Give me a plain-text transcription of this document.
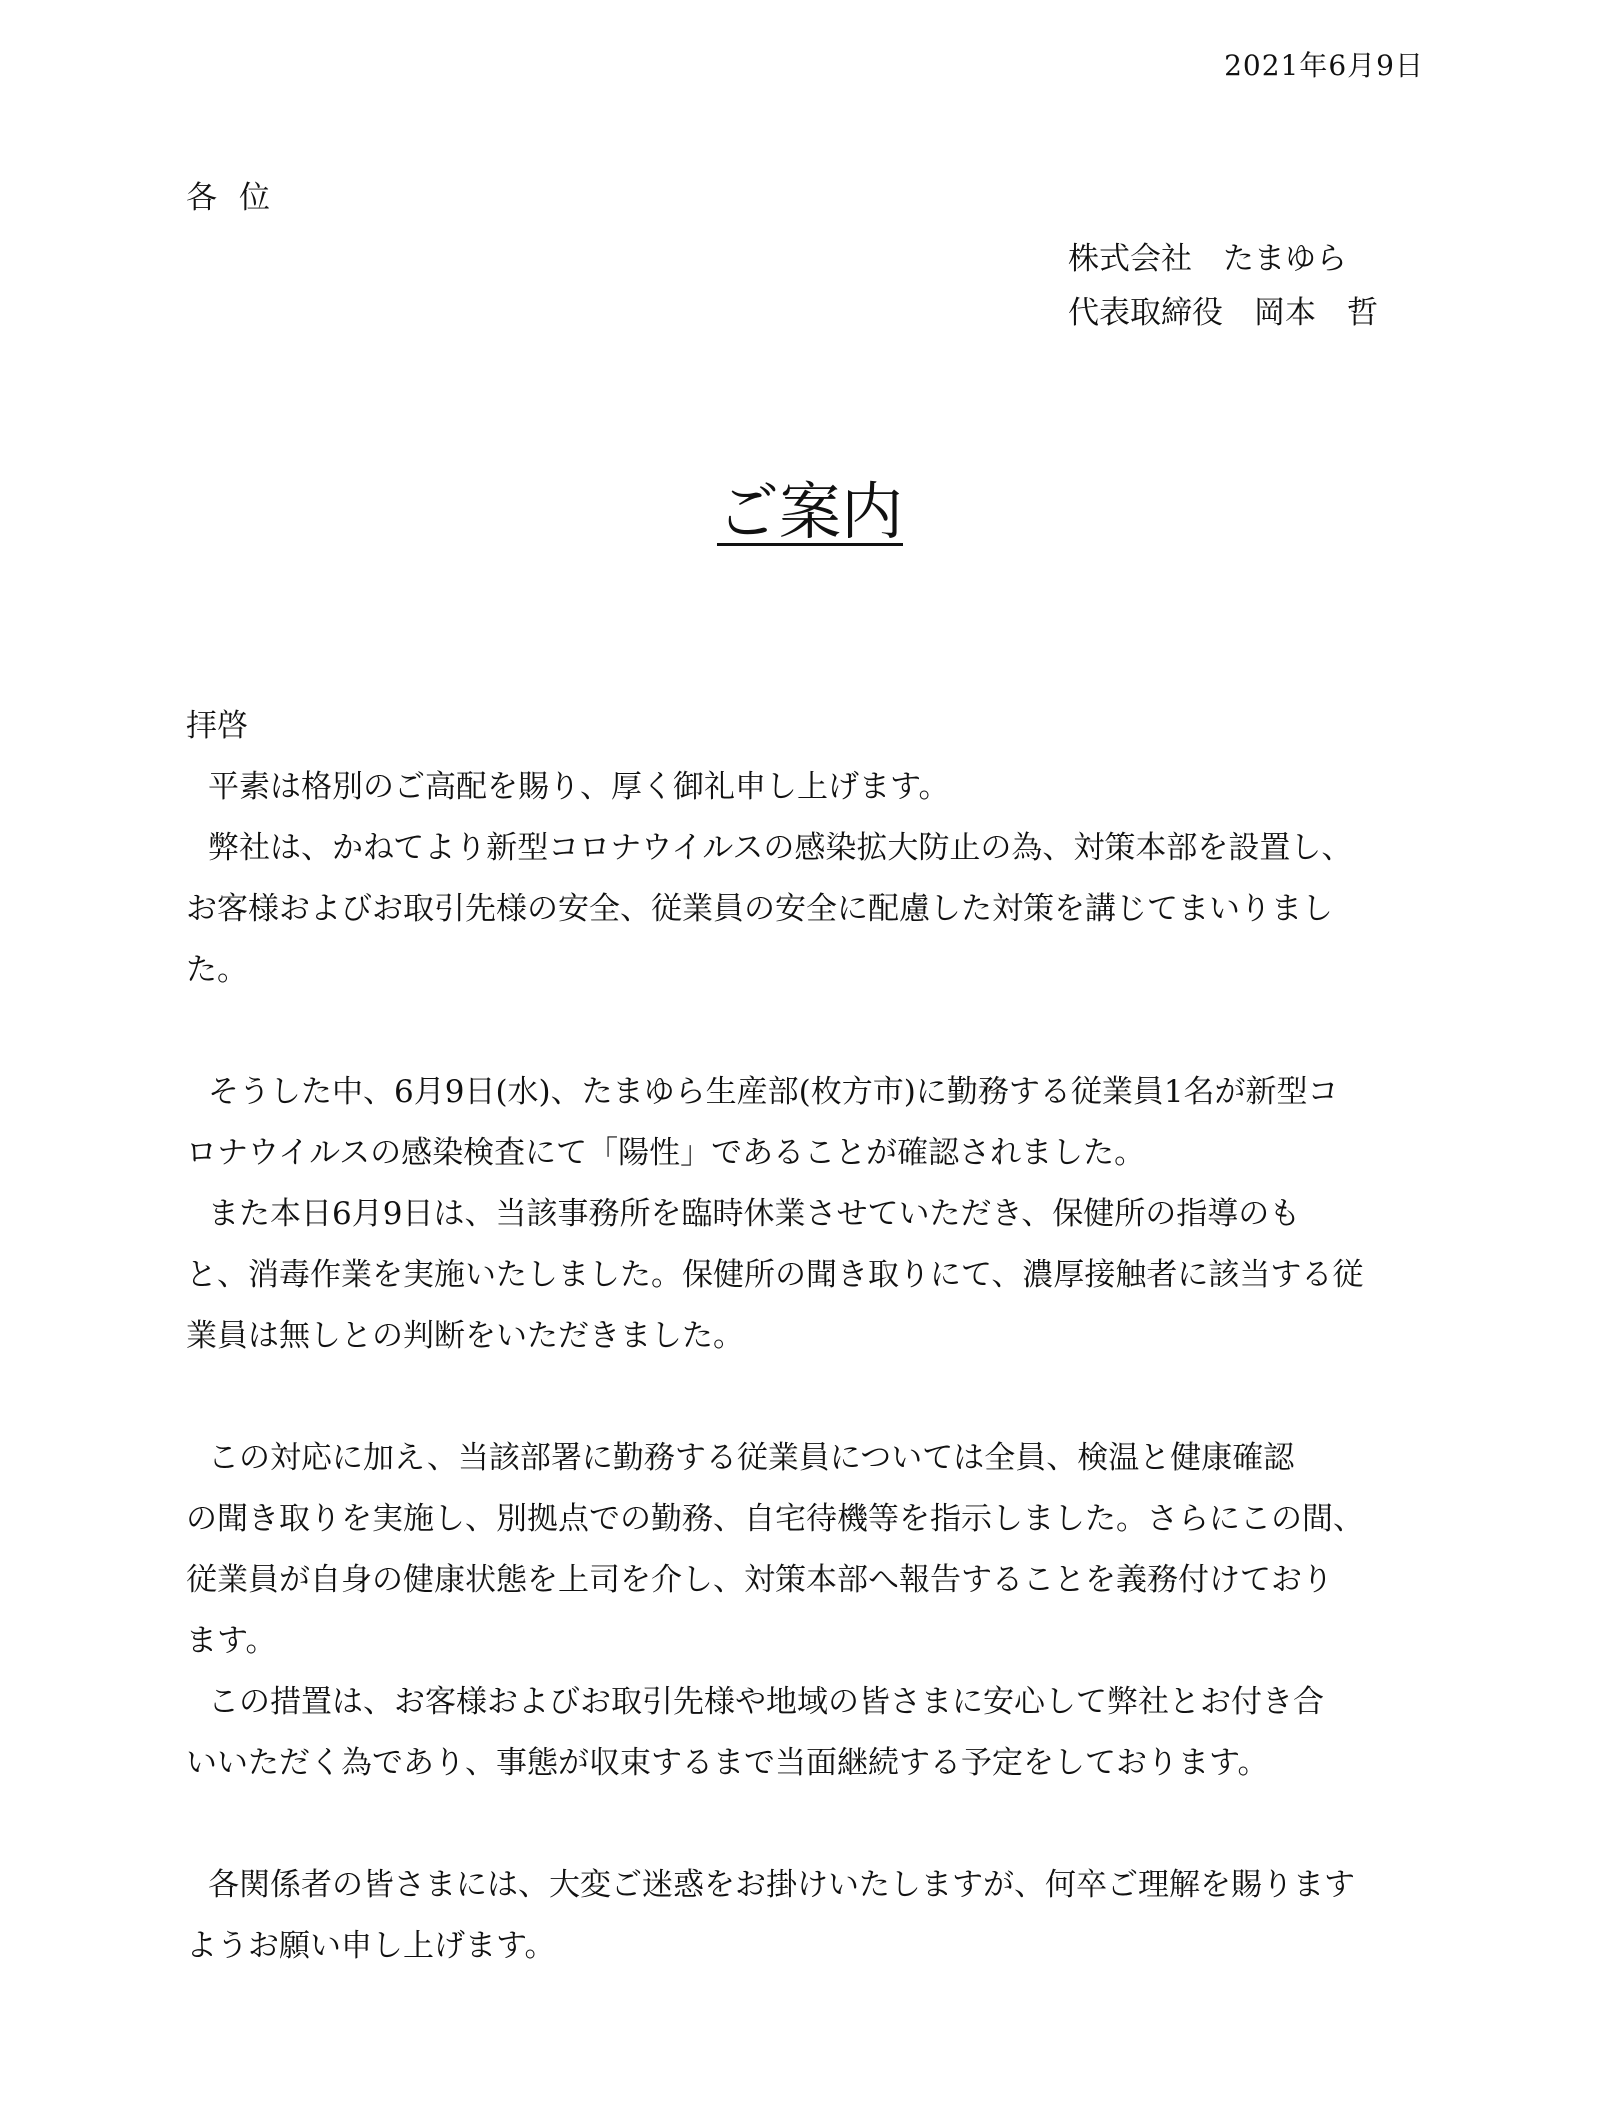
2021年6月9日
各位
株式会社　たまゆら
代表取締役　岡本　哲
ご案内
拝啓
平素は格別のご高配を賜り、厚く御礼申し上げます。
弊社は、かねてより新型コロナウイルスの感染拡大防止の為、対策本部を設置し、
お客様およびお取引先様の安全、従業員の安全に配慮した対策を講じてまいりまし
た。
そうした中、6月9日(水)、たまゆら生産部(枚方市)に勤務する従業員1名が新型コ
ロナウイルスの感染検査にて「陽性」であることが確認されました。
また本日6月9日は、当該事務所を臨時休業させていただき、保健所の指導のも
と、消毒作業を実施いたしました。保健所の聞き取りにて、濃厚接触者に該当する従
業員は無しとの判断をいただきました。
この対応に加え、当該部署に勤務する従業員については全員、検温と健康確認
の聞き取りを実施し、別拠点での勤務、自宅待機等を指示しました。さらにこの間、
従業員が自身の健康状態を上司を介し、対策本部へ報告することを義務付けており
ます。
この措置は、お客様およびお取引先様や地域の皆さまに安心して弊社とお付き合
いいただく為であり、事態が収束するまで当面継続する予定をしております。
各関係者の皆さまには、大変ご迷惑をお掛けいたしますが、何卒ご理解を賜ります
ようお願い申し上げます。
